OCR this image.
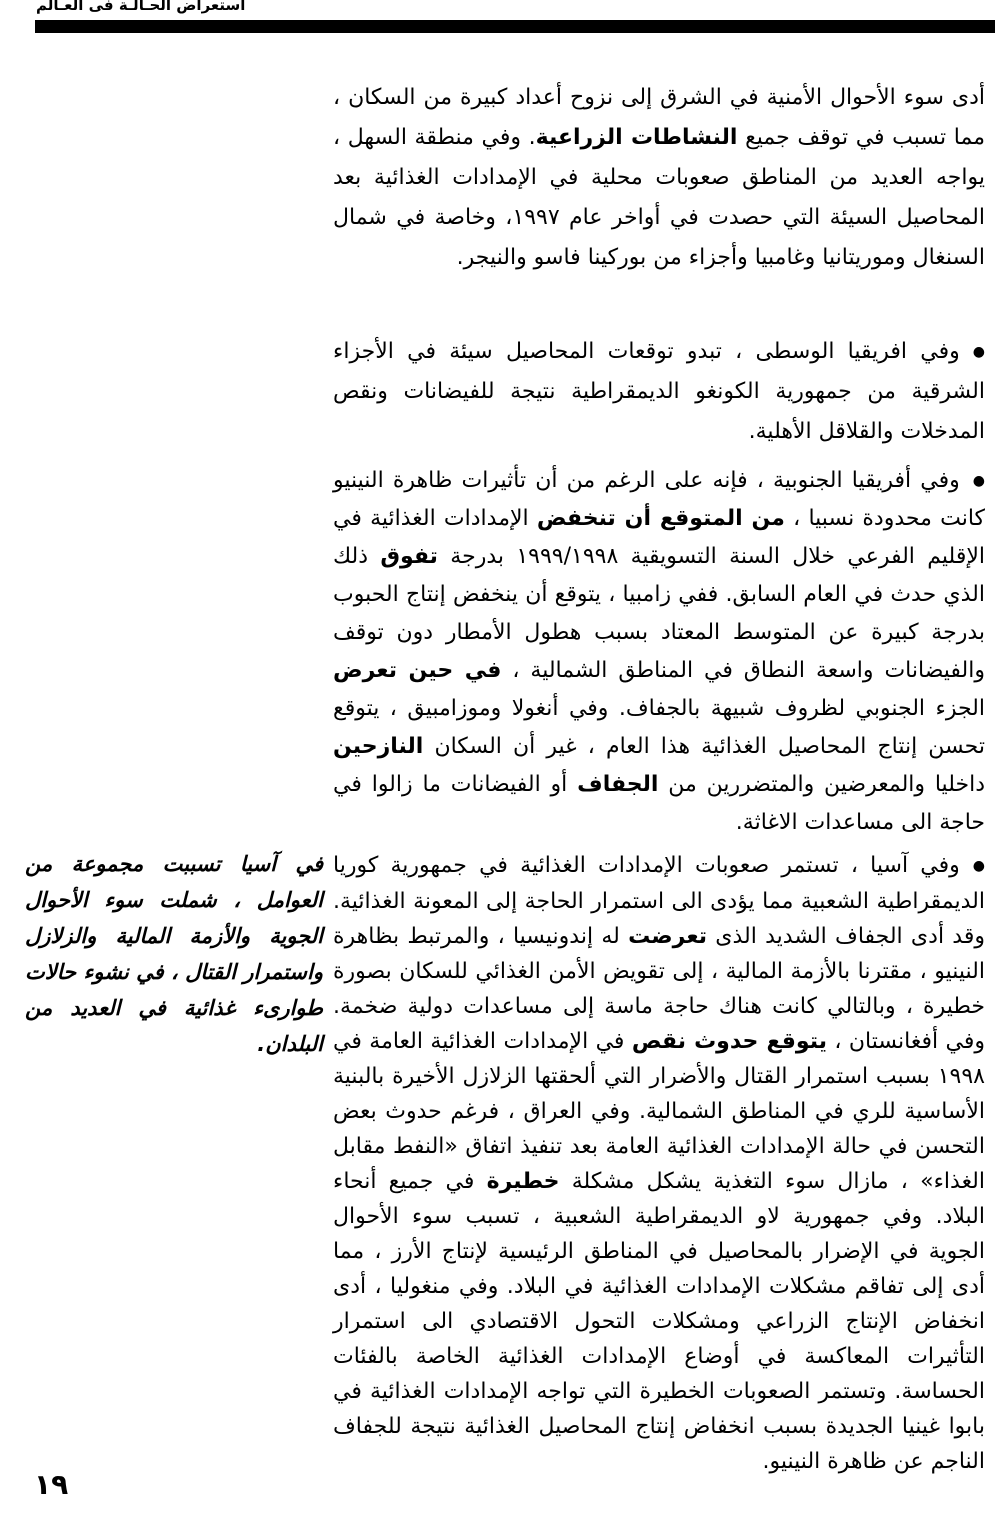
استعراض الحـالـة فى العـالم
في آسيا تسببت مجموعة من العوامل ، شملت سوء الأحوال الجوية والأزمة المالية والزلازل واستمرار القتال ، في نشوء حالات طوارىء غذائية في العديد من البلدان.

أدى سوء الأحوال الأمنية في الشرق إلى نزوح أعداد كبيرة من السكان ، مما تسبب في توقف جميع النشاطات الزراعية. وفي منطقة السهل ، يواجه العديد من المناطق صعوبات محلية في الإمدادات الغذائية بعد المحاصيل السيئة التي حصدت في أواخر عام ١٩٩٧، وخاصة في شمال السنغال وموريتانيا وغامبيا وأجزاء من بوركينا فاسو والنيجر.

●وفي افريقيا الوسطى ، تبدو توقعات المحاصيل سيئة في الأجزاء الشرقية من جمهورية الكونغو الديمقراطية نتيجة للفيضانات ونقص المدخلات والقلاقل الأهلية.

●وفي أفريقيا الجنوبية ، فإنه على الرغم من أن تأثيرات ظاهرة النينيو كانت محدودة نسبيا ، من المتوقع أن تنخفض الإمدادات الغذائية في الإقليم الفرعي خلال السنة التسويقية ١٩٩٩/١٩٩٨ بدرجة تفوق ذلك الذي حدث في العام السابق. ففي زامبيا ، يتوقع أن ينخفض إنتاج الحبوب بدرجة كبيرة عن المتوسط المعتاد بسبب هطول الأمطار دون توقف والفيضانات واسعة النطاق في المناطق الشمالية ، في حين تعرض الجزء الجنوبي لظروف شبيهة بالجفاف. وفي أنغولا وموزامبيق ، يتوقع تحسن إنتاج المحاصيل الغذائية هذا العام ، غير أن السكان النازحين داخليا والمعرضين والمتضررين من الجفاف أو الفيضانات ما زالوا في حاجة الى مساعدات الاغاثة.

●وفي آسيا ، تستمر صعوبات الإمدادات الغذائية في جمهورية كوريا الديمقراطية الشعبية مما يؤدى الى استمرار الحاجة إلى المعونة الغذائية. وقد أدى الجفاف الشديد الذى تعرضت له إندونيسيا ، والمرتبط بظاهرة النينيو ، مقترنا بالأزمة المالية ، إلى تقويض الأمن الغذائي للسكان بصورة خطيرة ، وبالتالي كانت هناك حاجة ماسة إلى مساعدات دولية ضخمة. وفي أفغانستان ، يتوقع حدوث نقص في الإمدادات الغذائية العامة في ١٩٩٨ بسبب استمرار القتال والأضرار التي ألحقتها الزلازل الأخيرة بالبنية الأساسية للري في المناطق الشمالية. وفي العراق ، فرغم حدوث بعض التحسن في حالة الإمدادات الغذائية العامة بعد تنفيذ اتفاق «النفط مقابل الغذاء» ، مازال سوء التغذية يشكل مشكلة خطيرة في جميع أنحاء البلاد. وفي جمهورية لاو الديمقراطية الشعبية ، تسبب سوء الأحوال الجوية في الإضرار بالمحاصيل في المناطق الرئيسية لإنتاج الأرز ، مما أدى إلى تفاقم مشكلات الإمدادات الغذائية في البلاد. وفي منغوليا ، أدى انخفاض الإنتاج الزراعي ومشكلات التحول الاقتصادي الى استمرار التأثيرات المعاكسة في أوضاع الإمدادات الغذائية الخاصة بالفئات الحساسة. وتستمر الصعوبات الخطيرة التي تواجه الإمدادات الغذائية في بابوا غينيا الجديدة بسبب انخفاض إنتاج المحاصيل الغذائية نتيجة للجفاف الناجم عن ظاهرة النينيو.

١٩
